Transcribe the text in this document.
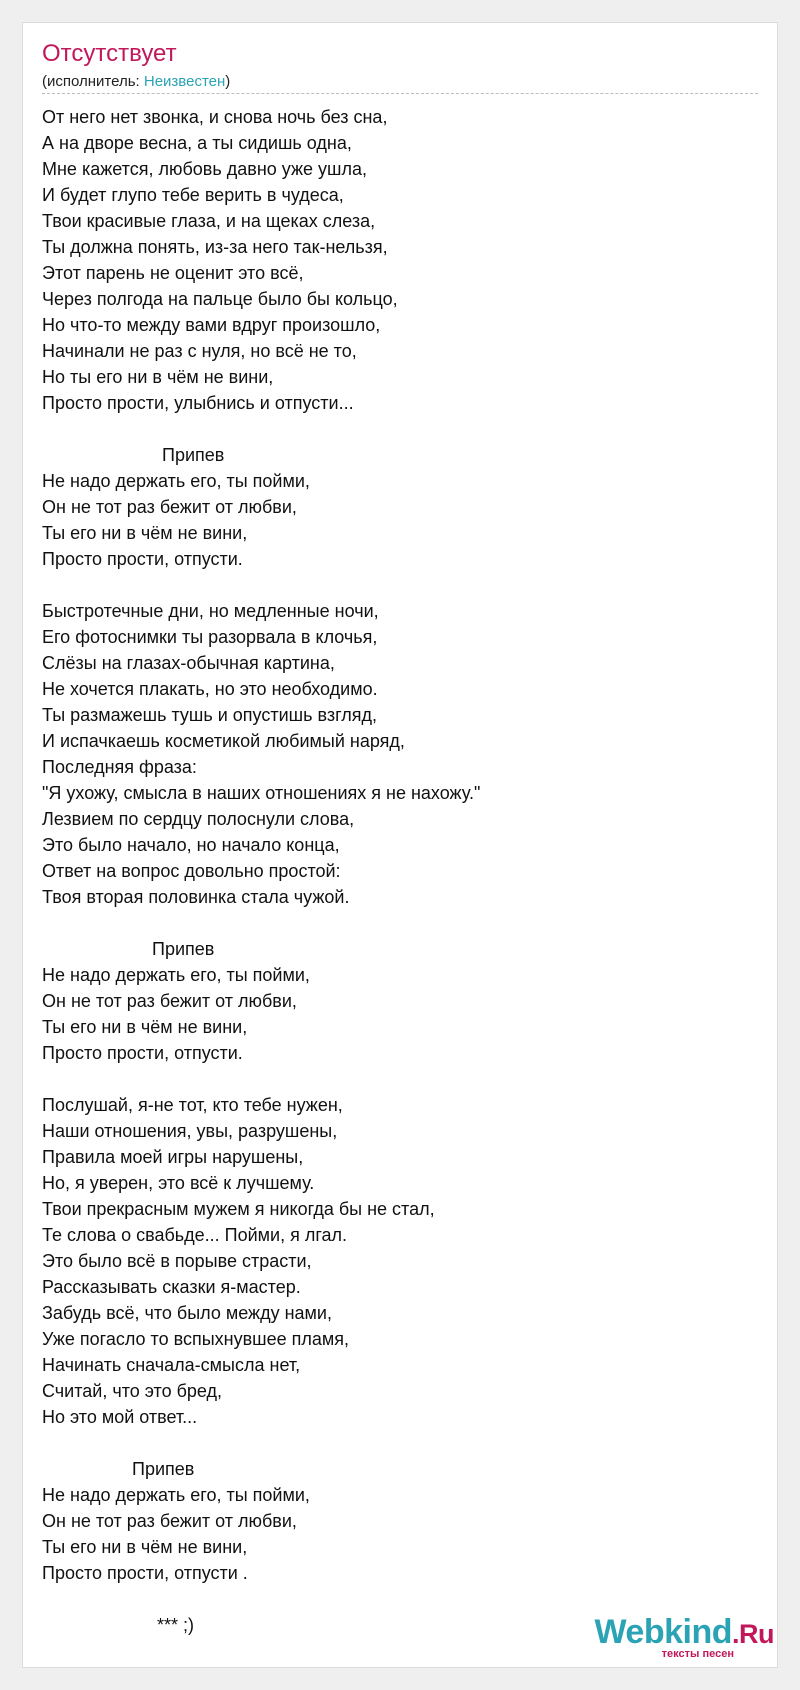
Отсутствует
(исполнитель: Неизвестен)
От него нет звонка, и снова ночь без сна,
А на дворе весна, а ты сидишь одна,
Мне кажется, любовь давно уже ушла,
И будет глупо тебе верить в чудеса,
Твои красивые глаза, и на щеках слеза,
Ты должна понять, из-за него так-нельзя,
Этот парень не оценит это всё,
Через полгода на пальце было бы кольцо,
Но что-то между вами вдруг произошло,
Начинали не раз с нуля, но всё не то,
Но ты его ни в чём не вини,
Просто прости, улыбнись и отпусти...
Припев
Не надо держать его, ты пойми,
Он не тот раз бежит от любви,
Ты его ни в чём не вини,
Просто прости, отпусти.
Быстротечные дни, но медленные ночи,
Его фотоснимки ты разорвала в клочья,
Слёзы на глазах-обычная картина,
Не хочется плакать, но это необходимо.
Ты размажешь тушь и опустишь взгляд,
И испачкаешь косметикой любимый наряд,
Последняя фраза:
"Я ухожу, смысла в наших отношениях я не нахожу."
Лезвием по сердцу полоснули слова,
Это было начало, но начало конца,
Ответ на вопрос довольно простой:
Твоя вторая половинка стала чужой.
Припев
Не надо держать его, ты пойми,
Он не тот раз бежит от любви,
Ты его ни в чём не вини,
Просто прости, отпусти.
Послушай, я-не тот, кто тебе нужен,
Наши отношения, увы, разрушены,
Правила моей игры нарушены,
Но, я уверен, это всё к лучшему.
Твои прекрасным мужем я никогда бы не стал,
Те слова о свабьде... Пойми, я лгал.
Это было всё в порыве страсти,
Рассказывать сказки я-мастер.
Забудь всё, что было между нами,
Уже погасло то вспыхнувшее пламя,
Начинать сначала-смысла нет,
Считай, что это бред,
Но это мой ответ...
Припев
Не надо держать его, ты пойми,
Он не тот раз бежит от любви,
Ты его ни в чём не вини,
Просто прости, отпусти .
*** ;)	Webkind.Ru
тексты песен
